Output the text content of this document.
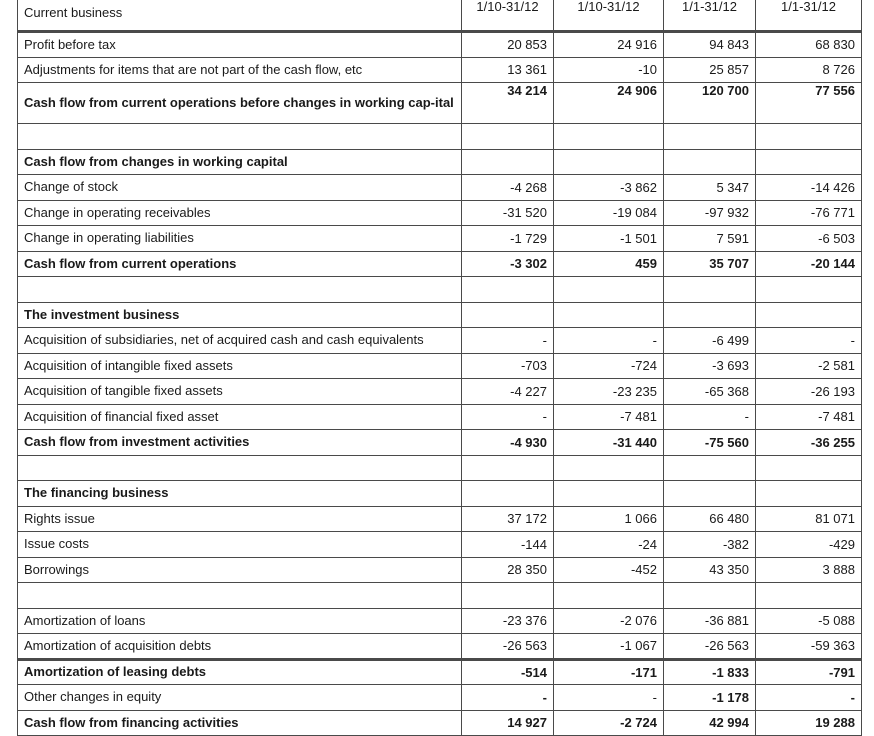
Current business	1/10-31/12	1/10-31/12	1/1-31/12	1/1-31/12

Profit before tax	20 853	24 916	94 843	68 830
Adjustments for items that are not part of the cash flow, etc	13 361	-10	25 857	8 726
Cash flow from current operations before changes in working cap-ital	34 214	24 906	120 700	77 556

Cash flow from changes in working capital				
Change of stock	-4 268	-3 862	5 347	-14 426
Change in operating receivables	-31 520	-19 084	-97 932	-76 771
Change in operating liabilities	-1 729	-1 501	7 591	-6 503
Cash flow from current operations	-3 302	459	35 707	-20 144

The investment business				
Acquisition of subsidiaries, net of acquired cash and cash equivalents	-	-	-6 499	-
Acquisition of intangible fixed assets	-703	-724	-3 693	-2 581
Acquisition of tangible fixed assets	-4 227	-23 235	-65 368	-26 193
Acquisition of financial fixed asset	-	-7 481	-	-7 481
Cash flow from investment activities	-4 930	-31 440	-75 560	-36 255

The financing business				
Rights issue	37 172	1 066	66 480	81 071
Issue costs	-144	-24	-382	-429
Borrowings	28 350	-452	43 350	3 888

Amortization of loans	-23 376	-2 076	-36 881	-5 088
Amortization of acquisition debts	-26 563	-1 067	-26 563	-59 363
Amortization of leasing debts	-514	-171	-1 833	-791
Other changes in equity	-	-	-1 178	-
Cash flow from financing activities	14 927	-2 724	42 994	19 288
